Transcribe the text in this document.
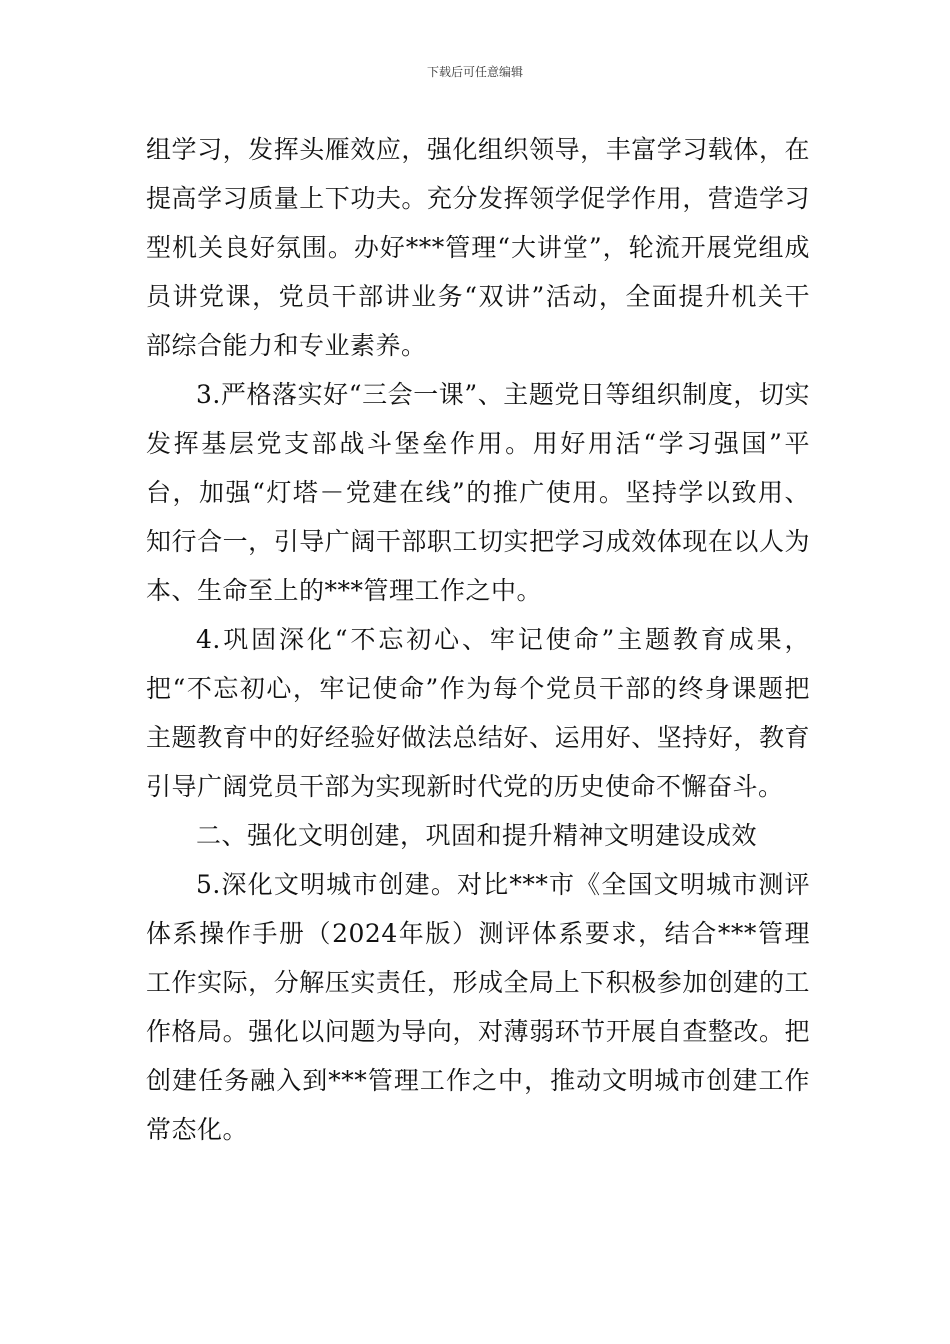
下载后可任意编辑

组学习，发挥头雁效应，强化组织领导，丰富学习载体，在提高学习质量上下功夫。充分发挥领学促学作用，营造学习型机关良好氛围。办好***管理“大讲堂”，轮流开展党组成员讲党课，党员干部讲业务“双讲”活动，全面提升机关干部综合能力和专业素养。

3.严格落实好“三会一课”、主题党日等组织制度，切实发挥基层党支部战斗堡垒作用。用好用活“学习强国”平台，加强“灯塔－党建在线”的推广使用。坚持学以致用、知行合一，引导广阔干部职工切实把学习成效体现在以人为本、生命至上的***管理工作之中。

4.巩固深化“不忘初心、牢记使命”主题教育成果，把“不忘初心，牢记使命”作为每个党员干部的终身课题把主题教育中的好经验好做法总结好、运用好、坚持好，教育引导广阔党员干部为实现新时代党的历史使命不懈奋斗。

二、强化文明创建，巩固和提升精神文明建设成效

5.深化文明城市创建。对比***市《全国文明城市测评体系操作手册（2024年版）测评体系要求，结合***管理工作实际，分解压实责任，形成全局上下积极参加创建的工作格局。强化以问题为导向，对薄弱环节开展自查整改。把创建任务融入到***管理工作之中，推动文明城市创建工作常态化。
